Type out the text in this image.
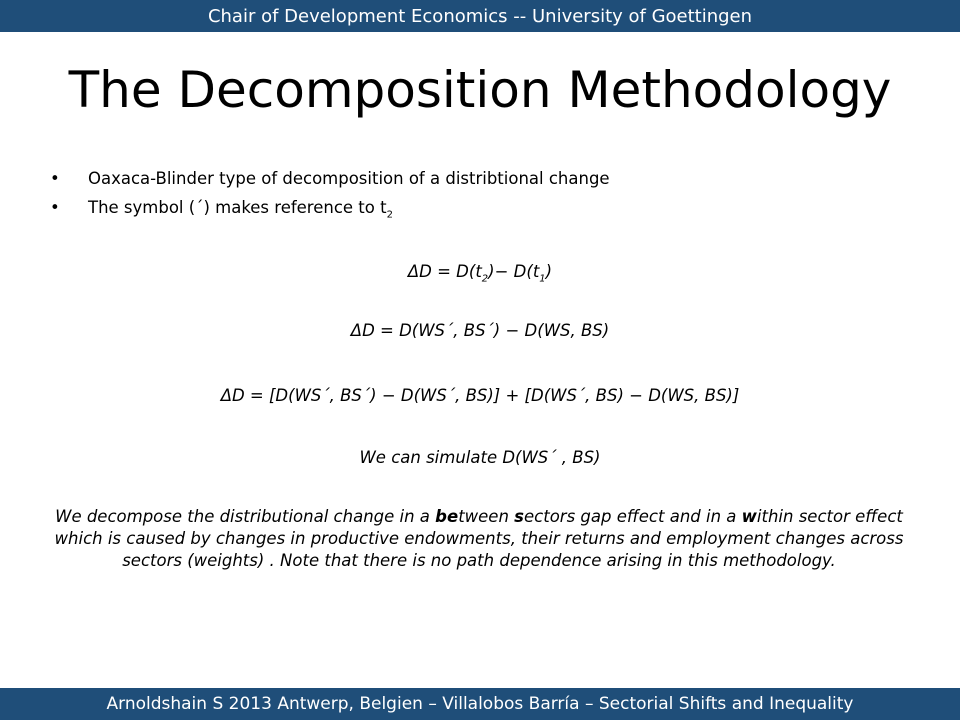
Chair of Development Economics -- University of Goettingen
The Decomposition Methodology
•	Oaxaca-Blinder type of decomposition of a distribtional change
•	The symbol (´) makes reference to $t_2$
$\Delta D = D(t_2)- D(t_1)$
ΔD = D(WS´, BS´) − D(WS, BS)
ΔD = [D(WS´, BS´) − D(WS´, BS)] + [D(WS´, BS) − D(WS, BS)]
We can simulate D(WS´ , BS)
We decompose the distributional change in a between sectors gap effect and in a within sector effect which is caused by changes in productive endowments, their returns and employment changes across sectors (weights) . Note that there is no path dependence arising in this methodology.
Arnoldshain S 2013 Antwerp, Belgien – Villalobos Barría – Sectorial Shifts and Inequality
